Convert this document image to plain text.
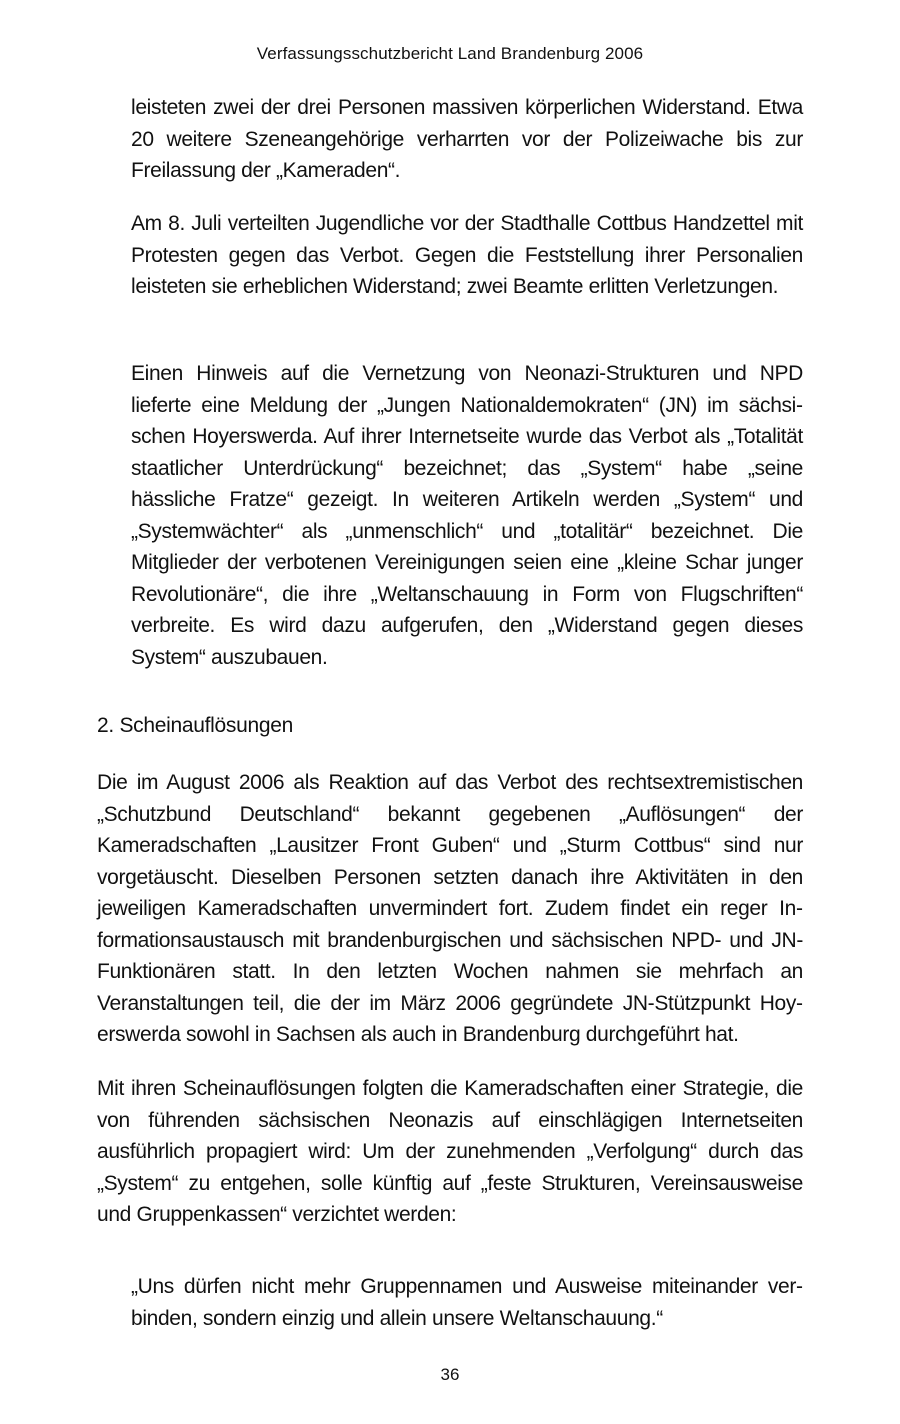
Verfassungsschutzbericht Land Brandenburg 2006

leisteten zwei der drei Personen massiven körperlichen Widerstand. Etwa 20 weitere Szeneangehörige verharrten vor der Polizeiwache bis zur Freilassung der „Kameraden“.

Am 8. Juli verteilten Jugendliche vor der Stadthalle Cottbus Handzettel mit Protesten gegen das Verbot. Gegen die Feststellung ihrer Personalien leisteten sie erheblichen Widerstand; zwei Beamte erlitten Verletzungen.

Einen Hinweis auf die Vernetzung von Neonazi-Strukturen und NPD lieferte eine Meldung der „Jungen Nationaldemokraten“ (JN) im sächsischen Hoyerswerda. Auf ihrer Internetseite wurde das Verbot als „Totalität staatlicher Unterdrückung“ bezeichnet; das „System“ habe „seine hässliche Fratze“ gezeigt. In weiteren Artikeln werden „System“ und „Systemwächter“ als „unmenschlich“ und „totalitär“ bezeichnet. Die Mitglieder der verbotenen Vereinigungen seien eine „kleine Schar junger Revolutionäre“, die ihre „Weltanschauung in Form von Flugschriften“ verbreite. Es wird dazu aufgerufen, den „Widerstand gegen dieses System“ auszubauen.

2. Scheinauflösungen

Die im August 2006 als Reaktion auf das Verbot des rechtsextremistischen „Schutzbund Deutschland“ bekannt gegebenen „Auflösungen“ der Kameradschaften „Lausitzer Front Guben“ und „Sturm Cottbus“ sind nur vorgetäuscht. Dieselben Personen setzten danach ihre Aktivitäten in den jeweiligen Kameradschaften unvermindert fort. Zudem findet ein reger Informationsaustausch mit brandenburgischen und sächsischen NPD- und JN-Funktionären statt. In den letzten Wochen nahmen sie mehrfach an Veranstaltungen teil, die der im März 2006 gegründete JN-Stützpunkt Hoyerswerda sowohl in Sachsen als auch in Brandenburg durchgeführt hat.

Mit ihren Scheinauflösungen folgten die Kameradschaften einer Strategie, die von führenden sächsischen Neonazis auf einschlägigen Internetseiten ausführlich propagiert wird: Um der zunehmenden „Verfolgung“ durch das „System“ zu entgehen, solle künftig auf „feste Strukturen, Vereinsausweise und Gruppenkassen“ verzichtet werden:

„Uns dürfen nicht mehr Gruppennamen und Ausweise miteinander verbinden, sondern einzig und allein unsere Weltanschauung.“

36
